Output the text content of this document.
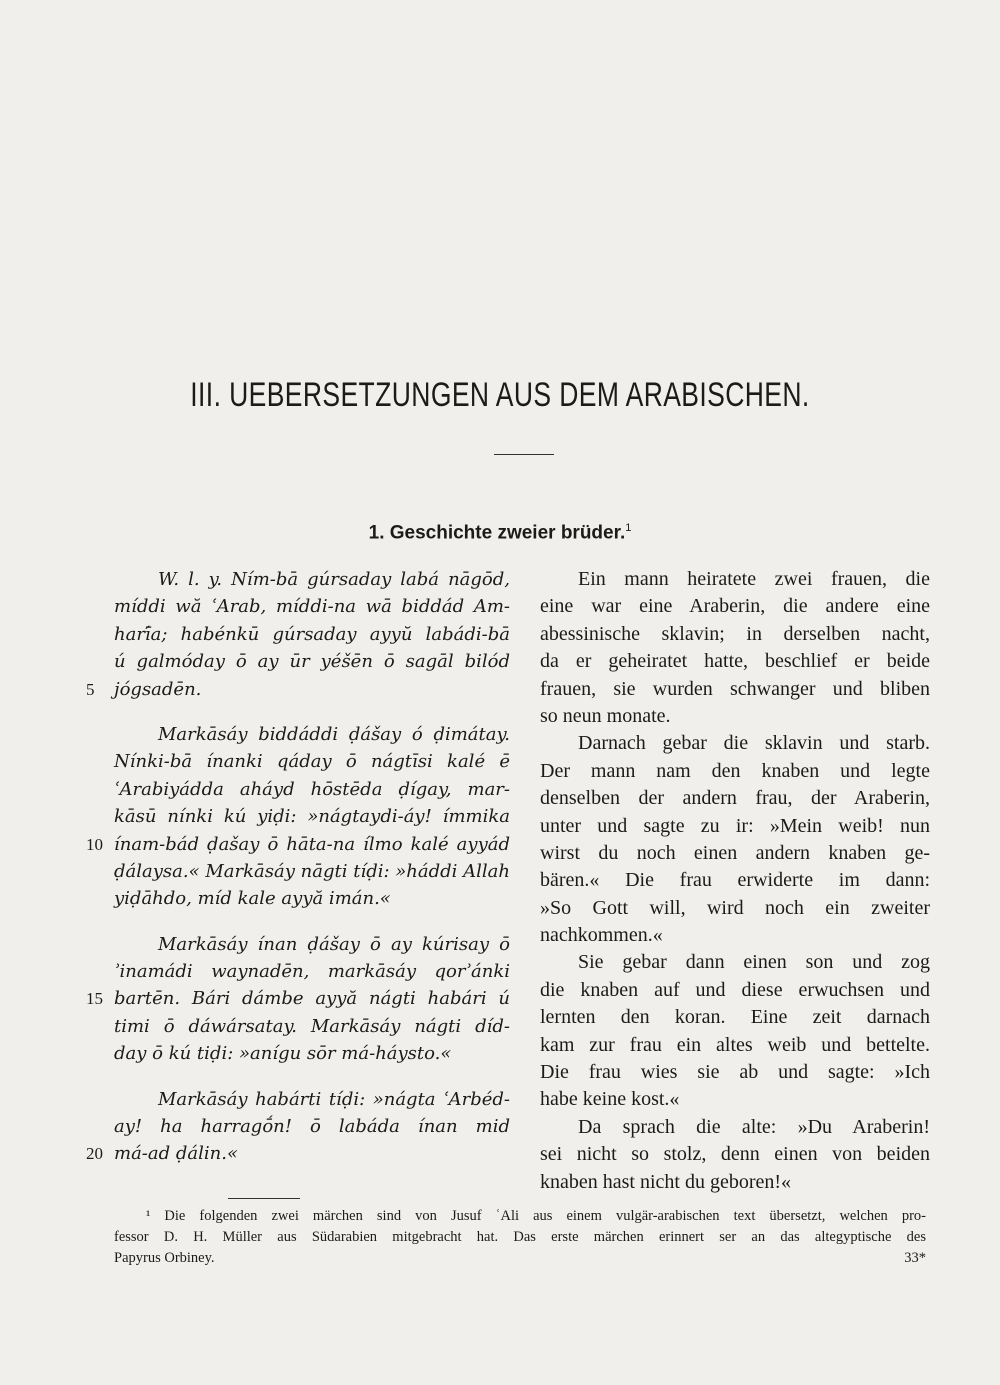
III. UEBERSETZUNGEN AUS DEM ARABISCHEN.
1. Geschichte zweier brüder.$^1$
W. l. y. Ním-bā gúrsaday labá nāgōd,
míddi wă ʿArab, míddi-na wā biddád Am-
harī́a; habénkū gúrsaday ayyŭ labádi-bā
ú galmóday ō ay ūr yéšēn ō sagāl bilód
5	jógsadēn.
Markāsáy biddáddi ḍášay ó ḍimátay.
Nínki-bā ínanki qáday ō nágtīsi kalé ē
ʿArabiyádda aháyd hōstēda ḍígay, mar-
kāsū nínki kú yiḍi: »nágtaydi-áy! ímmika
10 ínam-bád ḍašay ō hāta-na ílmo kalé ayyád
ḍálaysa.« Markāsáy nāgti tíḍi: »háddi Allah
yiḍāhdo, míd kale ayyă imán.«
Markāsáy ínan ḍášay ō ay kúrisay ō
ʾinamádi waynadēn, markāsáy qorʾánki
15 bartēn. Bári dámbe ayyă nágti habári ú
timi ō dáwársatay. Markāsáy nágti díd-
day ō kú tiḍi: »anígu sōr má-háysto.«
Markāsáy habárti tíḍi: »nágta ʿArbéd-
ay! ha harragṓn! ō labáda ínan mid
20 má-ad ḍálin.«
Ein mann heiratete zwei frauen, die
eine war eine Araberin, die andere eine
abessinische sklavin; in derselben nacht,
da er geheiratet hatte, beschlief er beide
frauen, sie wurden schwanger und bliben
so neun monate.
Darnach gebar die sklavin und starb.
Der mann nam den knaben und legte
denselben der andern frau, der Araberin,
unter und sagte zu ir: »Mein weib! nun
wirst du noch einen andern knaben ge-
bären.« Die frau erwiderte im dann:
»So Gott will, wird noch ein zweiter
nachkommen.«
Sie gebar dann einen son und zog
die knaben auf und diese erwuchsen und
lernten den koran. Eine zeit darnach
kam zur frau ein altes weib und bettelte.
Die frau wies sie ab und sagte: »Ich
habe keine kost.«
Da sprach die alte: »Du Araberin!
sei nicht so stolz, denn einen von beiden
knaben hast nicht du geboren!«
¹ Die folgenden zwei märchen sind von Jusuf ʿAli aus einem vulgär-arabischen text übersetzt, welchen pro-
fessor D. H. Müller aus Südarabien mitgebracht hat. Das erste märchen erinnert ser an das altegyptische des
Papyrus Orbiney.	33*
